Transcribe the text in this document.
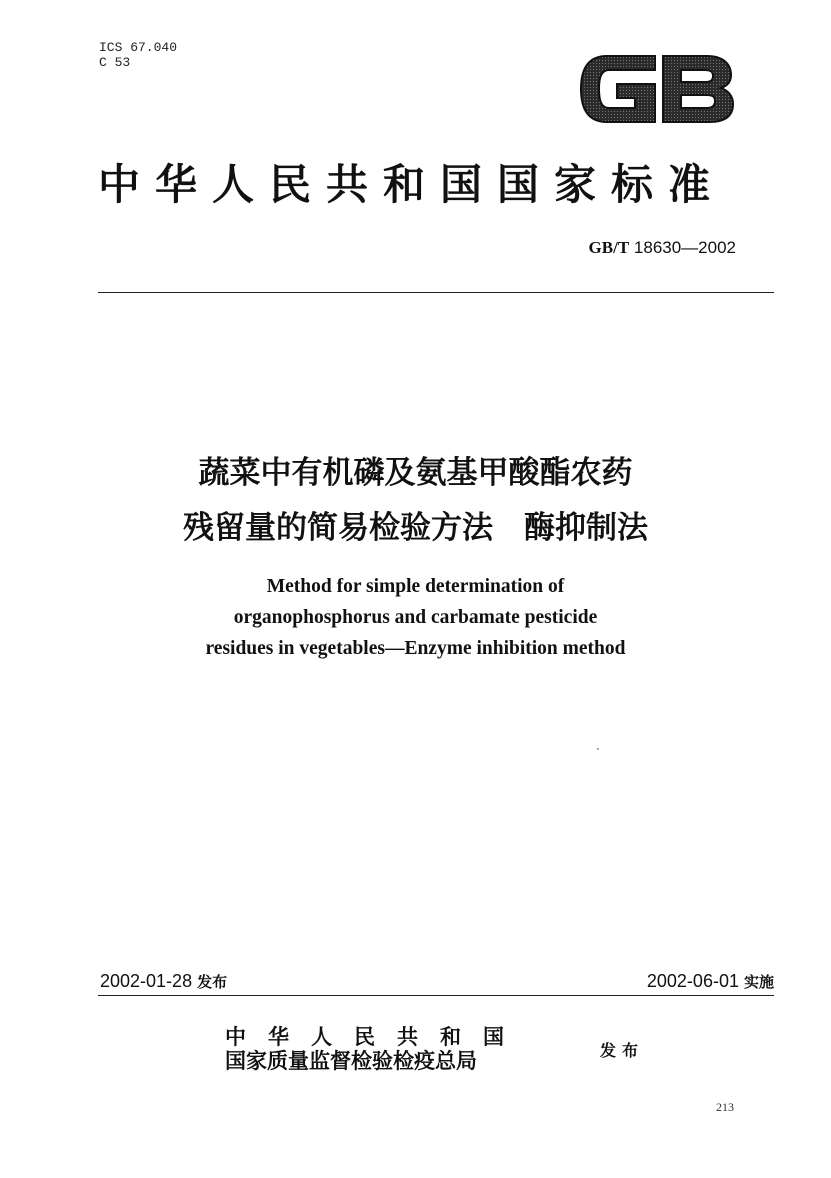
ICS 67.040
C 53
中华人民共和国国家标准
GB/T 18630—2002
蔬菜中有机磷及氨基甲酸酯农药
残留量的简易检验方法　酶抑制法
Method for simple determination of
organophosphorus and carbamate pesticide
residues in vegetables—Enzyme inhibition method
2002-01-28 发布	2002-06-01 实施
中华人民共和国
国家质量监督检验检疫总局	发布
213
